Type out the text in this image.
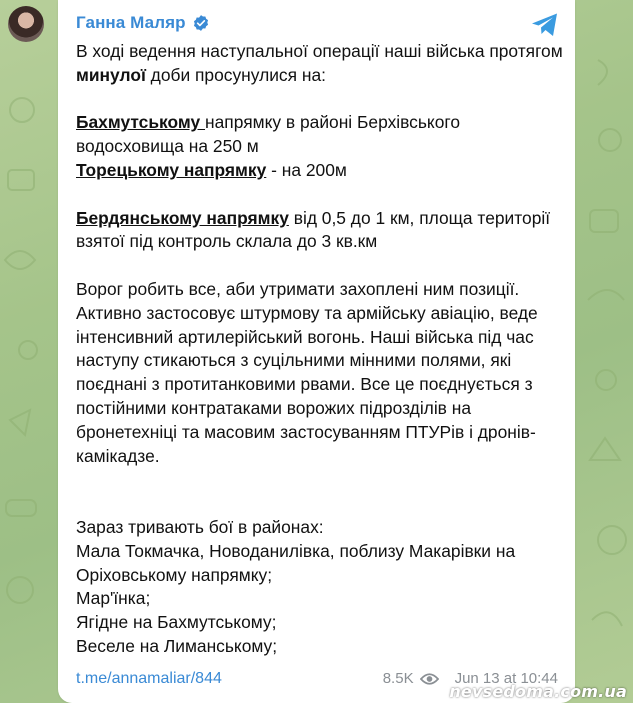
Ганна Маляр

В ході ведення наступальної операції наші війська протягом минулої доби просунулися на:

Бахмутському напрямку в районі Берхівського водосховища на 250 м

Торецькому напрямку - на 200м

Бердянському напрямку від 0,5 до 1 км, площа території взятої під контроль склала до 3 кв.км

Ворог робить все, аби утримати захоплені ним позиції. Активно застосовує штурмову та армійську авіацію, веде інтенсивний артилерійський вогонь. Наші війська під час наступу стикаються з суцільними мінними полями, які поєднані з протитанковими рвами. Все це поєднується з постійними контратаками ворожих підрозділів на бронетехніці та масовим застосуванням ПТУРів і дронів-камікадзе.

Зараз тривають бої в районах:

Мала Токмачка, Новоданилівка, поблизу Макарівки на Оріховському напрямку;

Мар'їнка;

Ягідне на Бахмутському;

Веселе на Лиманському;

t.me/annamaliar/844	8.5K	Jun 13 at 10:44
nevsedoma.com.ua
